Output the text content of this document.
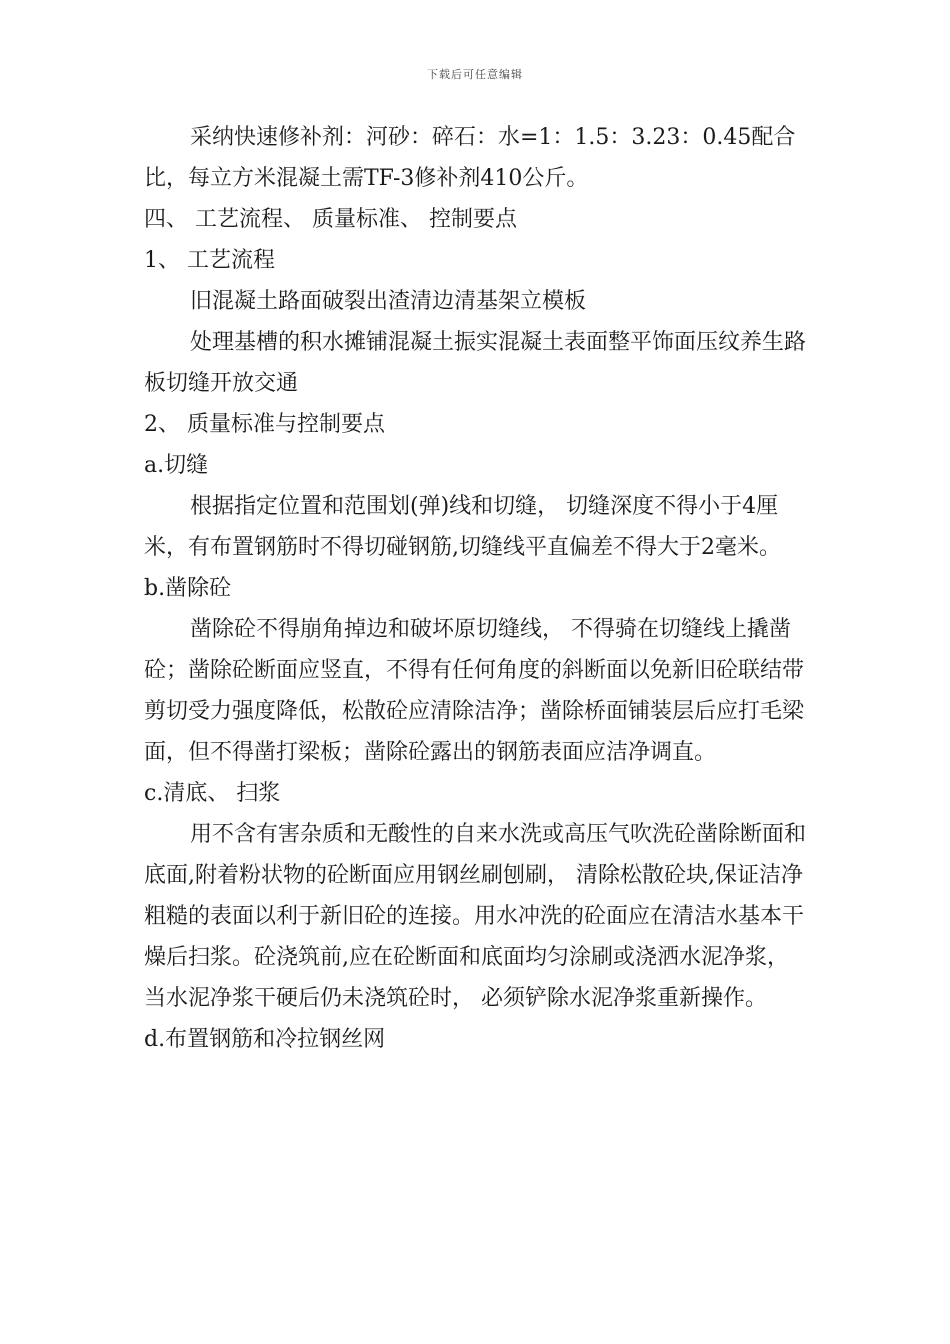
下载后可任意编辑

采纳快速修补剂：河砂：碎石：水=1：1.5：3.23：0.45配合比，每立方米混凝土需TF-3修补剂410公斤。

四、 工艺流程、 质量标准、 控制要点

1、 工艺流程

旧混凝土路面破裂出渣清边清基架立模板

处理基槽的积水摊铺混凝土振实混凝土表面整平饰面压纹养生路板切缝开放交通

2、 质量标准与控制要点

a.切缝

根据指定位置和范围划(弹)线和切缝， 切缝深度不得小于4厘米，有布置钢筋时不得切碰钢筋,切缝线平直偏差不得大于2毫米。

b.凿除砼

凿除砼不得崩角掉边和破坏原切缝线， 不得骑在切缝线上撬凿砼；凿除砼断面应竖直，不得有任何角度的斜断面以免新旧砼联结带剪切受力强度降低，松散砼应清除洁净；凿除桥面铺装层后应打毛梁面，但不得凿打梁板；凿除砼露出的钢筋表面应洁净调直。

c.清底、 扫浆

用不含有害杂质和无酸性的自来水洗或高压气吹洗砼凿除断面和底面,附着粉状物的砼断面应用钢丝刷刨刷， 清除松散砼块,保证洁净粗糙的表面以利于新旧砼的连接。用水冲洗的砼面应在清洁水基本干燥后扫浆。砼浇筑前,应在砼断面和底面均匀涂刷或浇洒水泥净浆， 当水泥净浆干硬后仍未浇筑砼时， 必须铲除水泥净浆重新操作。

d.布置钢筋和冷拉钢丝网
